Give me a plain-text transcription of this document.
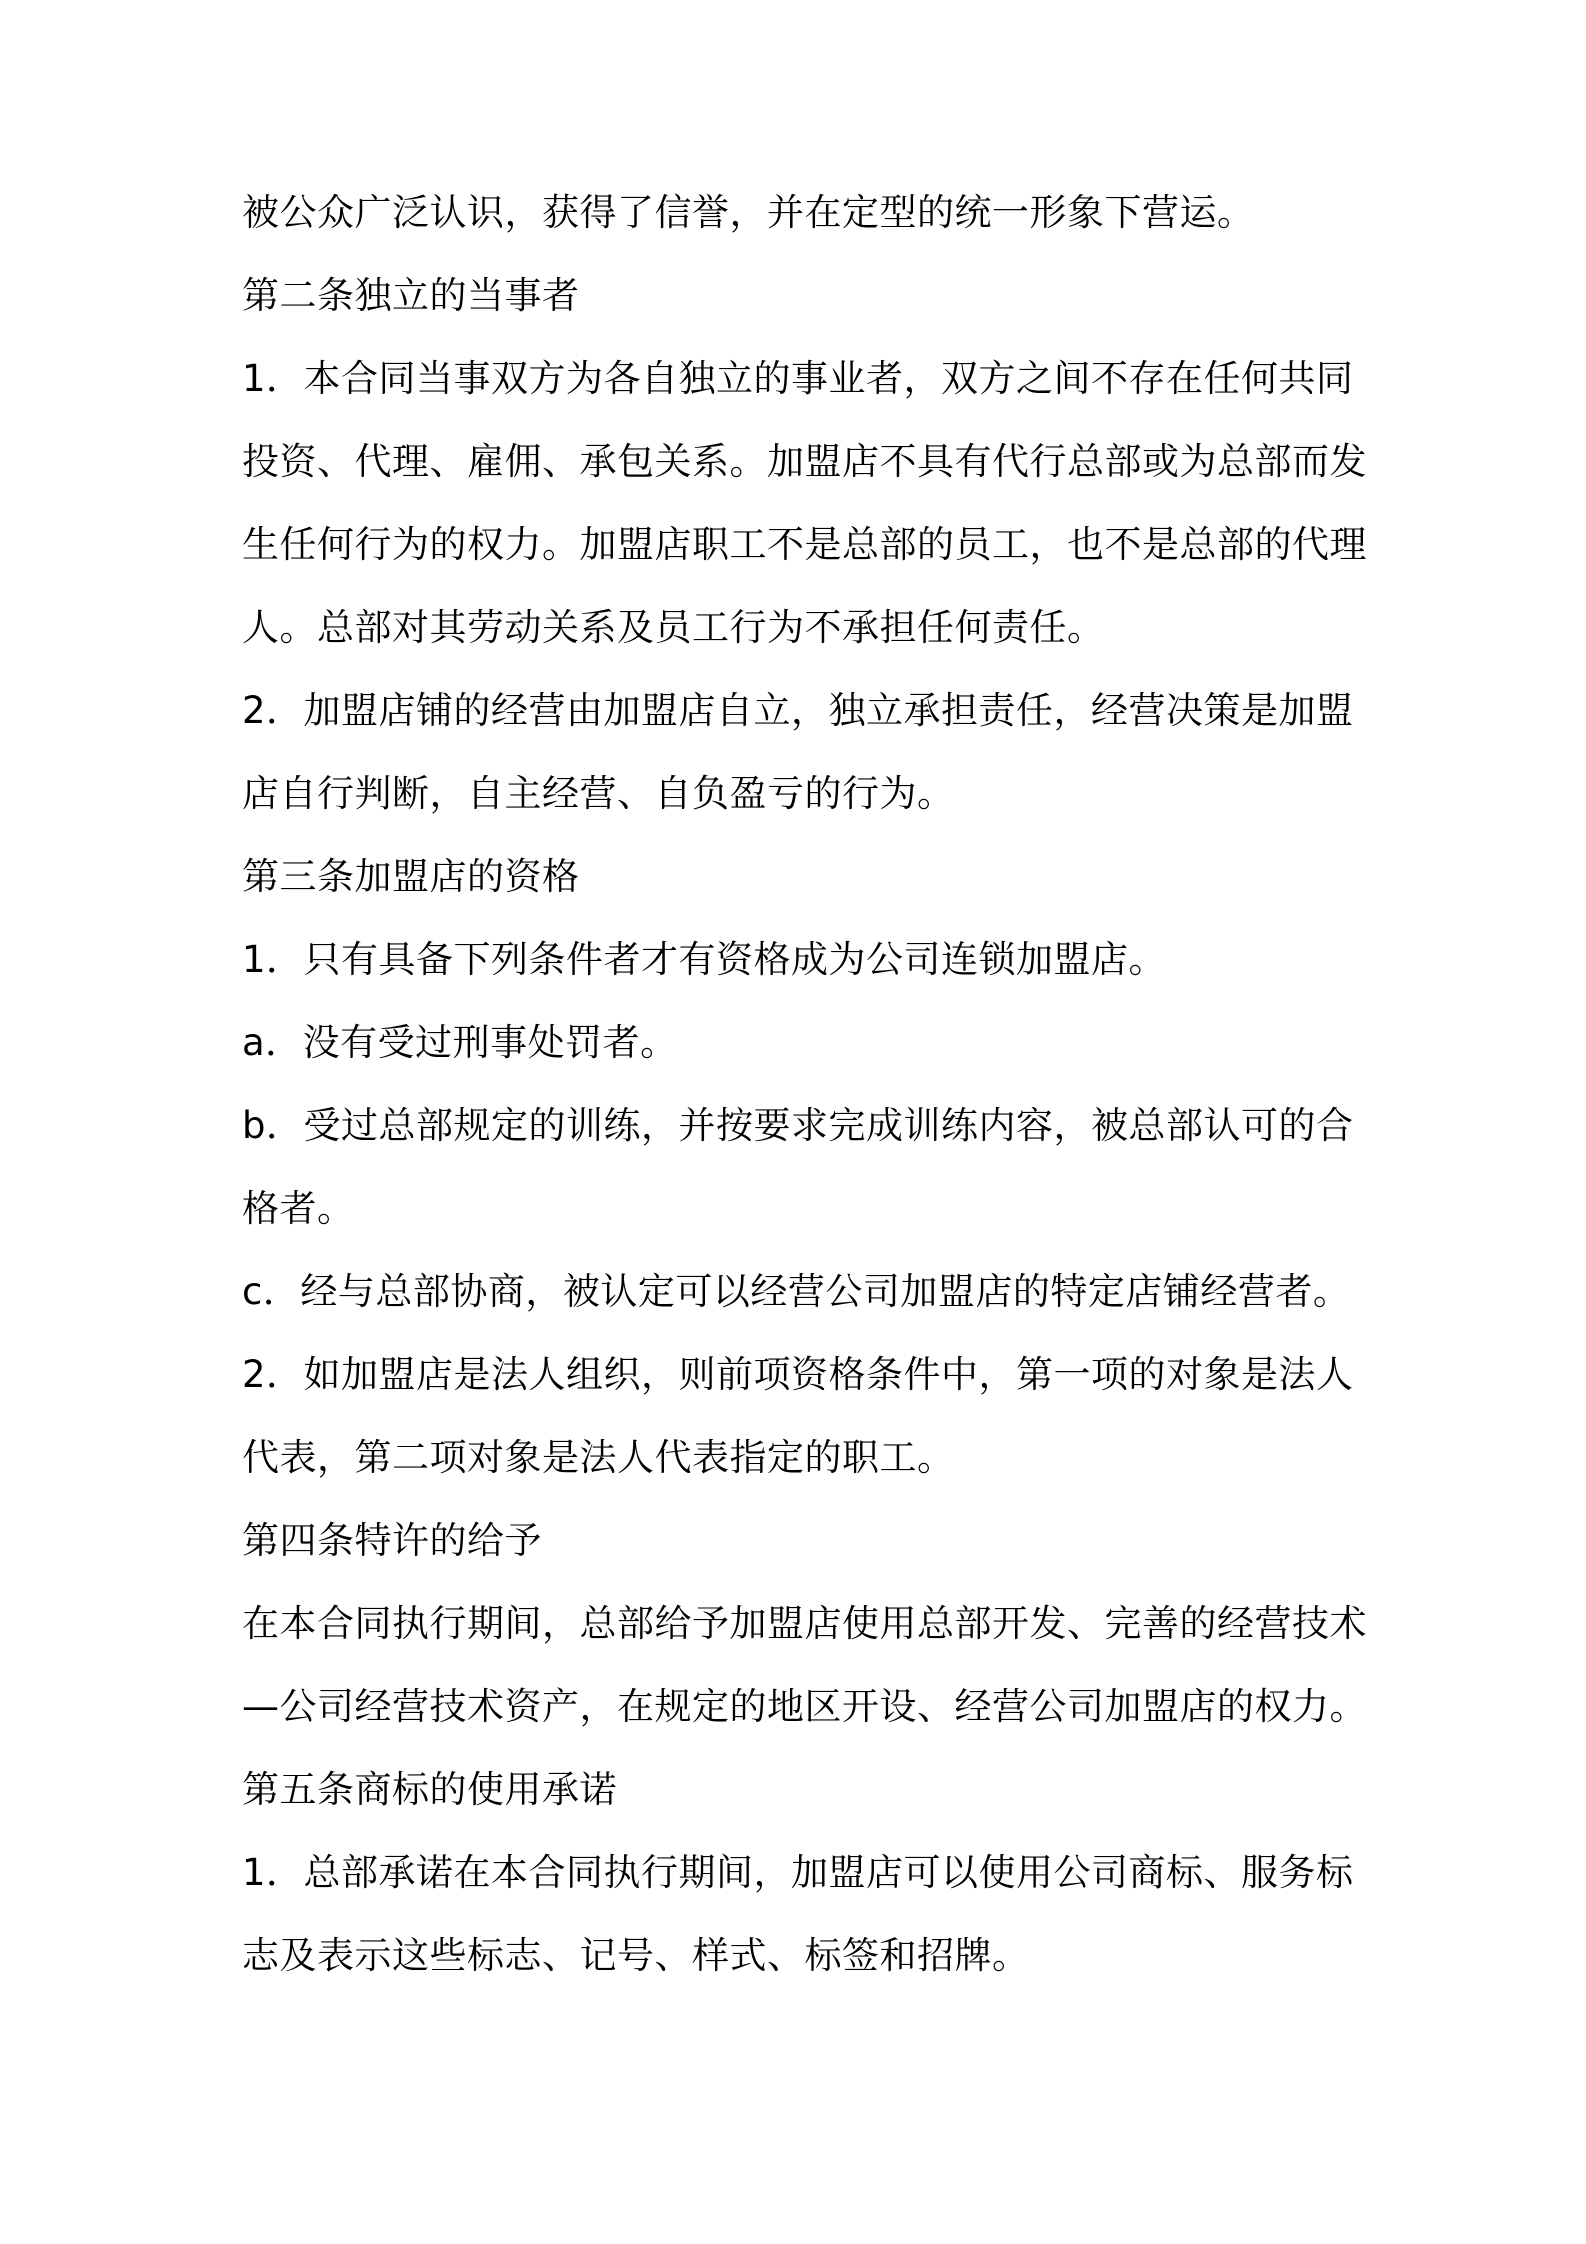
被公众广泛认识，获得了信誉，并在定型的统一形象下营运。
第二条独立的当事者
1．本合同当事双方为各自独立的事业者，双方之间不存在任何共同
投资、代理、雇佣、承包关系。加盟店不具有代行总部或为总部而发
生任何行为的权力。加盟店职工不是总部的员工，也不是总部的代理
人。总部对其劳动关系及员工行为不承担任何责任。
2．加盟店铺的经营由加盟店自立，独立承担责任，经营决策是加盟
店自行判断，自主经营、自负盈亏的行为。
第三条加盟店的资格
1．只有具备下列条件者才有资格成为公司连锁加盟店。
a．没有受过刑事处罚者。
b．受过总部规定的训练，并按要求完成训练内容，被总部认可的合
格者。
c．经与总部协商，被认定可以经营公司加盟店的特定店铺经营者。
2．如加盟店是法人组织，则前项资格条件中，第一项的对象是法人
代表，第二项对象是法人代表指定的职工。
第四条特许的给予
在本合同执行期间，总部给予加盟店使用总部开发、完善的经营技术
—公司经营技术资产，在规定的地区开设、经营公司加盟店的权力。
第五条商标的使用承诺
1．总部承诺在本合同执行期间，加盟店可以使用公司商标、服务标
志及表示这些标志、记号、样式、标签和招牌。
